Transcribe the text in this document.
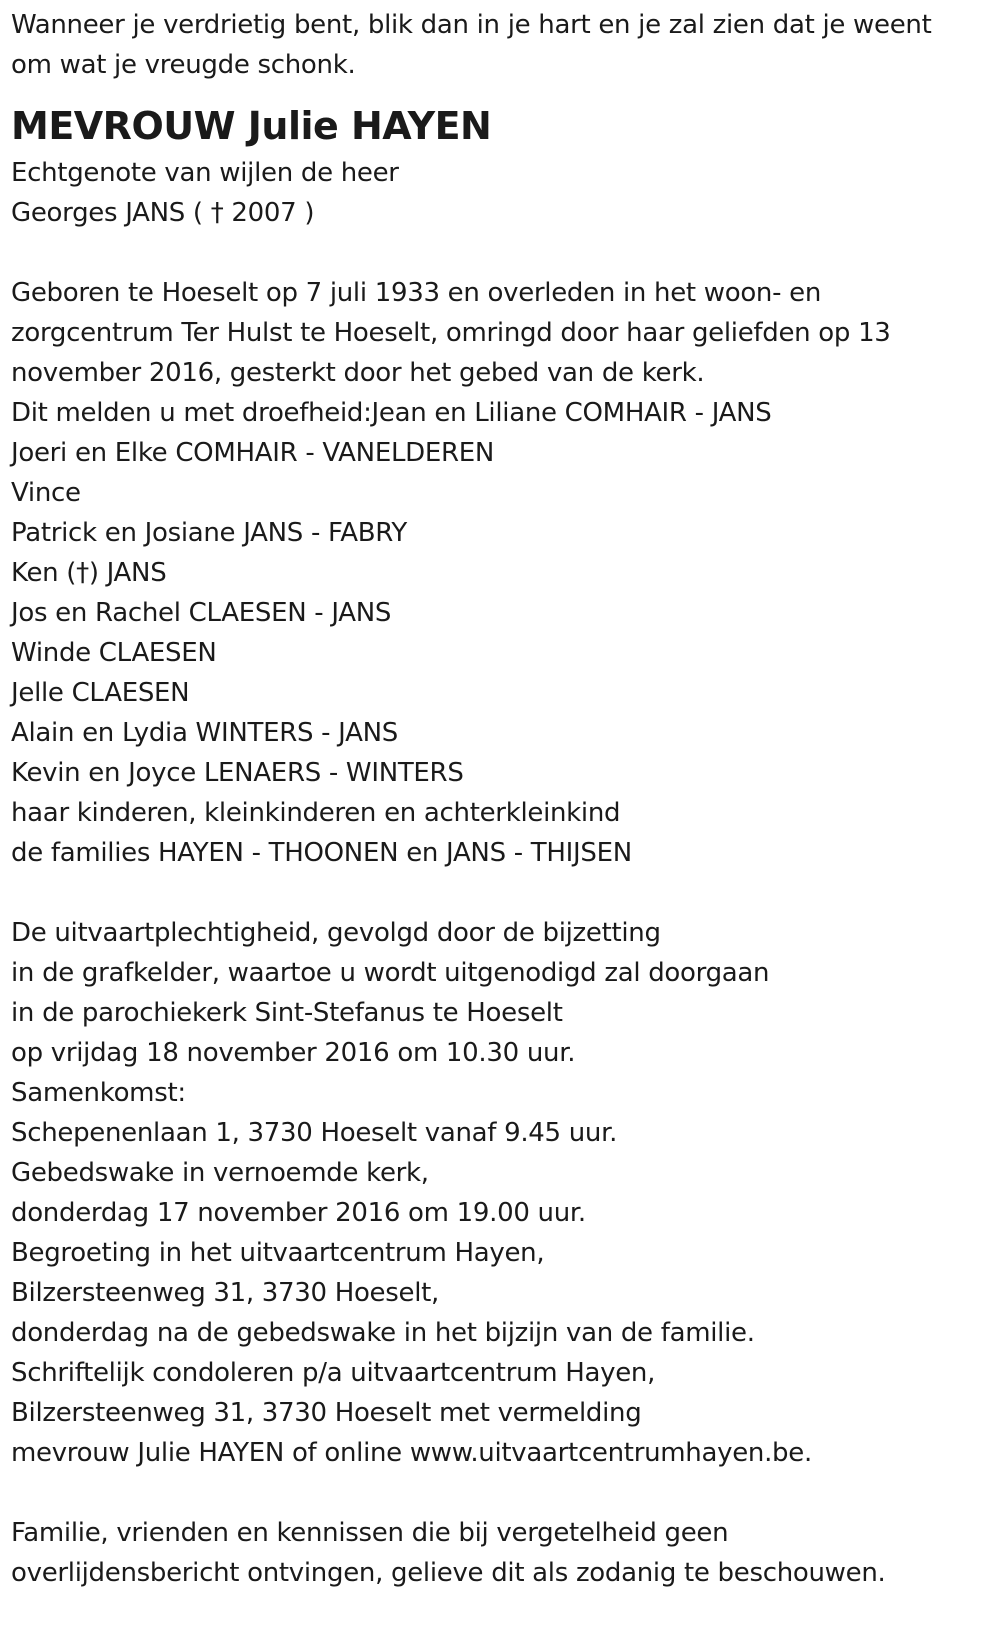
Wanneer je verdrietig bent, blik dan in je hart en je zal zien dat je weent
om wat je vreugde schonk.
MEVROUW Julie HAYEN
Echtgenote van wijlen de heer
Georges JANS ( † 2007 )
Geboren te Hoeselt op 7 juli 1933 en overleden in het woon- en
zorgcentrum Ter Hulst te Hoeselt, omringd door haar geliefden op 13
november 2016, gesterkt door het gebed van de kerk.
Dit melden u met droefheid:Jean en Liliane COMHAIR - JANS
Joeri en Elke COMHAIR - VANELDEREN
Vince
Patrick en Josiane JANS - FABRY
Ken (†) JANS
Jos en Rachel CLAESEN - JANS
Winde CLAESEN
Jelle CLAESEN
Alain en Lydia WINTERS - JANS
Kevin en Joyce LENAERS - WINTERS
haar kinderen, kleinkinderen en achterkleinkind
de families HAYEN - THOONEN en JANS - THIJSEN
De uitvaartplechtigheid, gevolgd door de bijzetting
in de grafkelder, waartoe u wordt uitgenodigd zal doorgaan
in de parochiekerk Sint-Stefanus te Hoeselt
op vrijdag 18 november 2016 om 10.30 uur.
Samenkomst:
Schepenenlaan 1, 3730 Hoeselt vanaf 9.45 uur.
Gebedswake in vernoemde kerk,
donderdag 17 november 2016 om 19.00 uur.
Begroeting in het uitvaartcentrum Hayen,
Bilzersteenweg 31, 3730 Hoeselt,
donderdag na de gebedswake in het bijzijn van de familie.
Schriftelijk condoleren p/a uitvaartcentrum Hayen,
Bilzersteenweg 31, 3730 Hoeselt met vermelding
mevrouw Julie HAYEN of online www.uitvaartcentrumhayen.be.
Familie, vrienden en kennissen die bij vergetelheid geen
overlijdensbericht ontvingen, gelieve dit als zodanig te beschouwen.
